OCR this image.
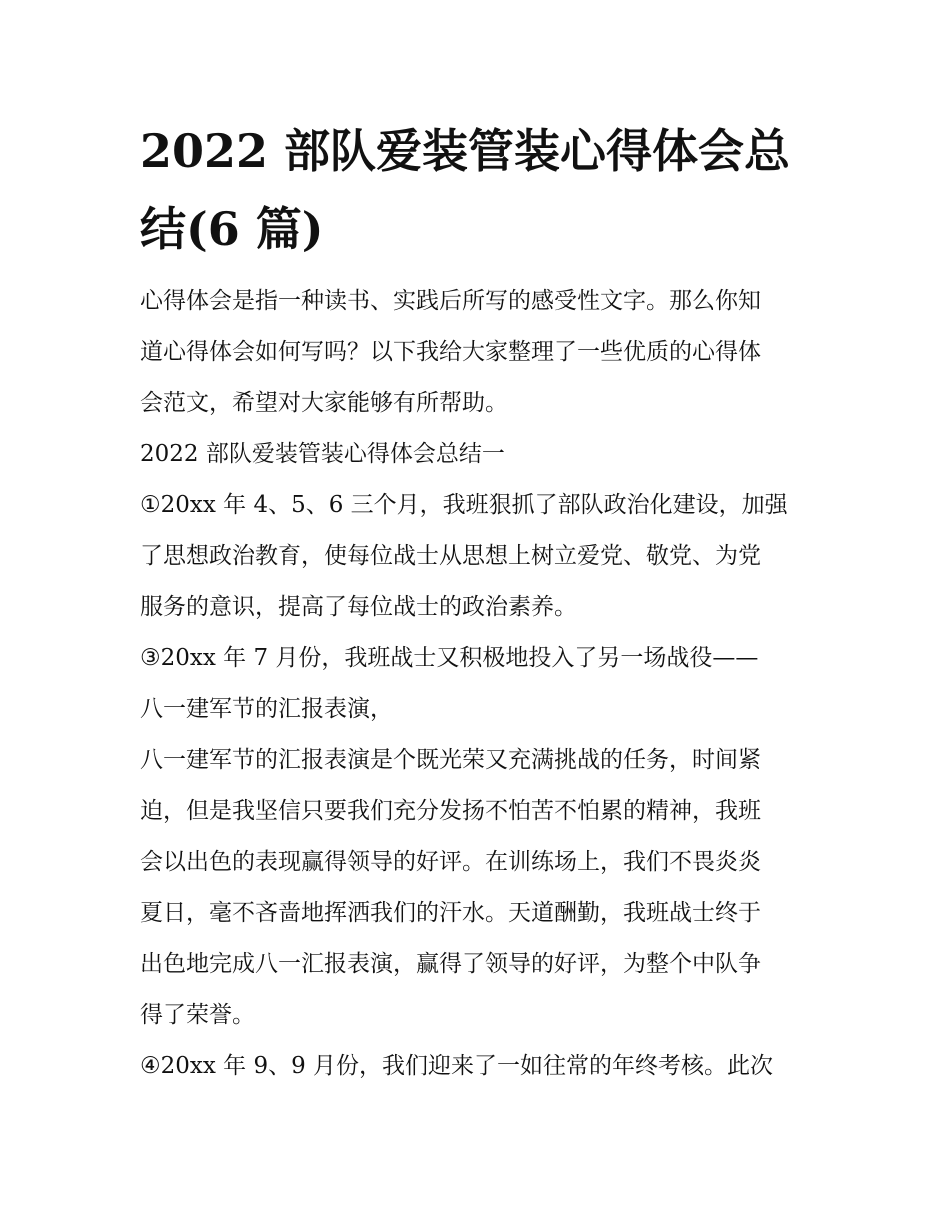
2022 部队爱装管装心得体会总
结(6 篇)
心得体会是指一种读书、实践后所写的感受性文字。那么你知
道心得体会如何写吗？以下我给大家整理了一些优质的心得体
会范文，希望对大家能够有所帮助。
2022 部队爱装管装心得体会总结一
①20xx 年 4、5、6 三个月，我班狠抓了部队政治化建设，加强
了思想政治教育，使每位战士从思想上树立爱党、敬党、为党
服务的意识，提高了每位战士的政治素养。
③20xx 年 7 月份，我班战士又积极地投入了另一场战役——
八一建军节的汇报表演，
八一建军节的汇报表演是个既光荣又充满挑战的任务，时间紧
迫，但是我坚信只要我们充分发扬不怕苦不怕累的精神，我班
会以出色的表现赢得领导的好评。在训练场上，我们不畏炎炎
夏日，毫不吝啬地挥洒我们的汗水。天道酬勤，我班战士终于
出色地完成八一汇报表演，赢得了领导的好评，为整个中队争
得了荣誉。
④20xx 年 9、9 月份，我们迎来了一如往常的年终考核。此次
